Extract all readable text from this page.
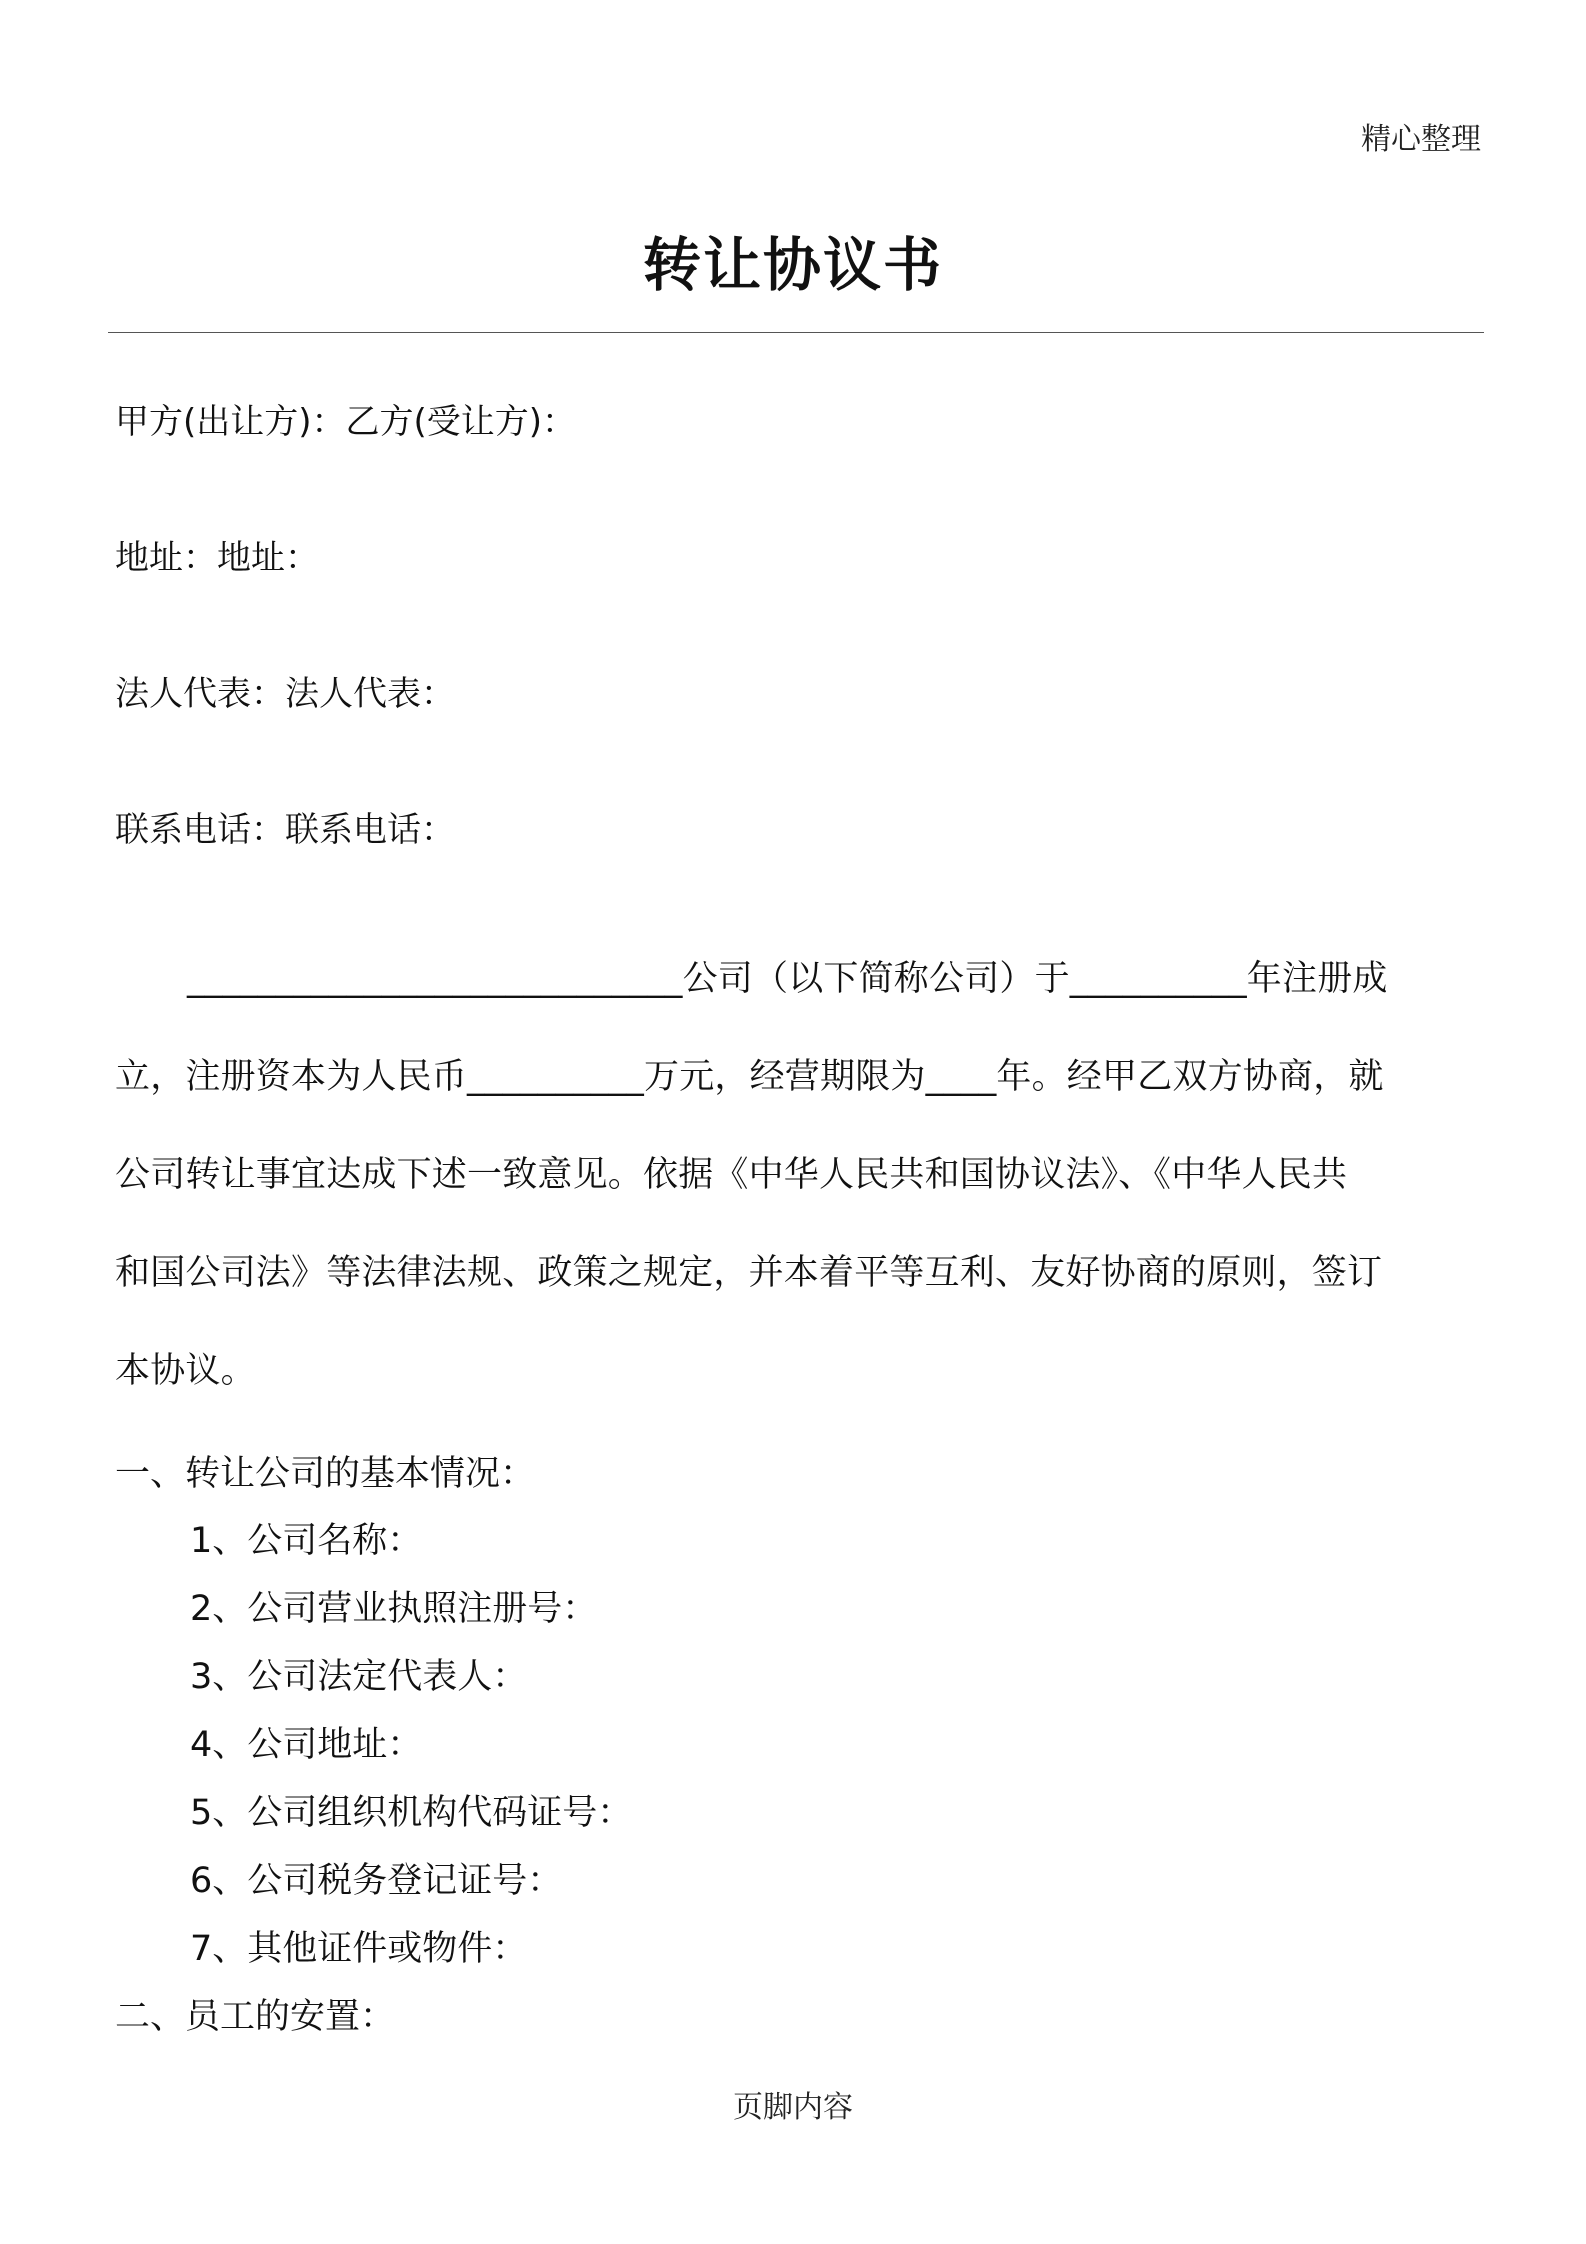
精心整理
转让协议书
甲方(出让方)：乙方(受让方)：
地址：地址：
法人代表：法人代表：
联系电话：联系电话：
____________________________公司（以下简称公司）于__________年注册成
立，注册资本为人民币__________万元，经营期限为____年。经甲乙双方协商，就
公司转让事宜达成下述一致意见。依据《中华人民共和国协议法》、《中华人民共
和国公司法》等法律法规、政策之规定，并本着平等互利、友好协商的原则，签订
本协议。
一、转让公司的基本情况：
1、公司名称：
2、公司营业执照注册号：
3、公司法定代表人：
4、公司地址：
5、公司组织机构代码证号：
6、公司税务登记证号：
7、其他证件或物件：
二、员工的安置：
页脚内容
